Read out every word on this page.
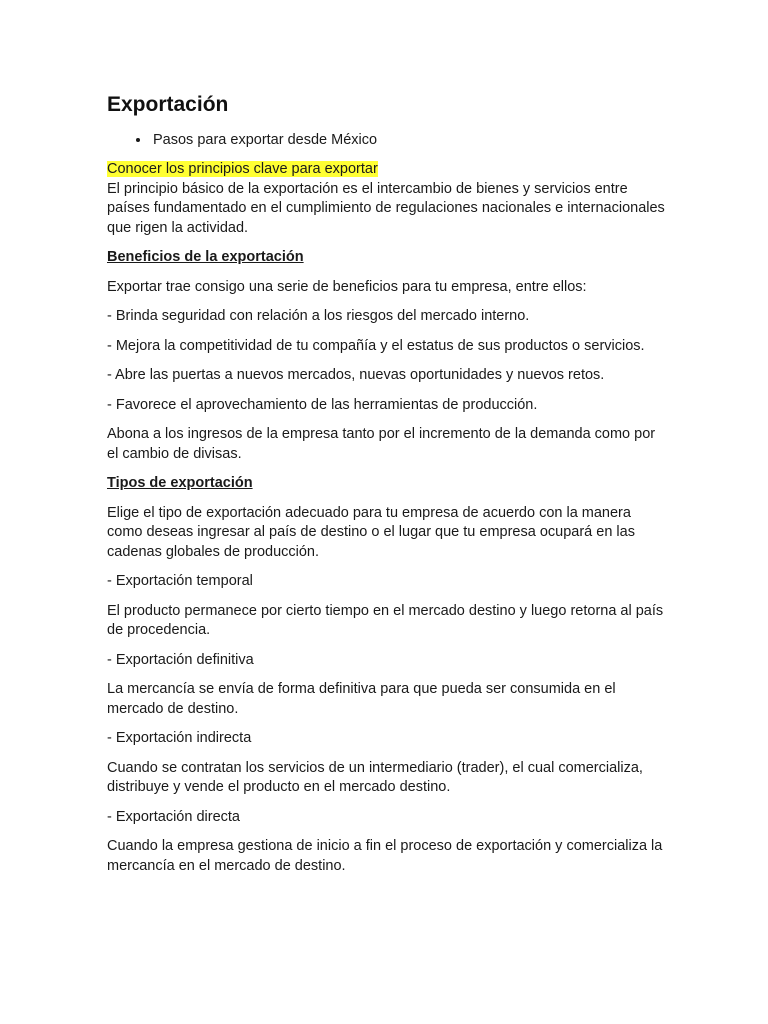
Exportación
• Pasos para exportar desde México
Conocer los principios clave para exportar
El principio básico de la exportación es el intercambio de bienes y servicios entre países fundamentado en el cumplimiento de regulaciones nacionales e internacionales que rigen la actividad.
Beneficios de la exportación

Exportar trae consigo una serie de beneficios para tu empresa, entre ellos:

- Brinda seguridad con relación a los riesgos del mercado interno.

- Mejora la competitividad de tu compañía y el estatus de sus productos o servicios.

- Abre las puertas a nuevos mercados, nuevas oportunidades y nuevos retos.

- Favorece el aprovechamiento de las herramientas de producción.

Abona a los ingresos de la empresa tanto por el incremento de la demanda como por el cambio de divisas.

Tipos de exportación

Elige el tipo de exportación adecuado para tu empresa de acuerdo con la manera como deseas ingresar al país de destino o el lugar que tu empresa ocupará en las cadenas globales de producción.

- Exportación temporal

El producto permanece por cierto tiempo en el mercado destino y luego retorna al país de procedencia.

- Exportación definitiva

La mercancía se envía de forma definitiva para que pueda ser consumida en el mercado de destino.

- Exportación indirecta

Cuando se contratan los servicios de un intermediario (trader), el cual comercializa, distribuye y vende el producto en el mercado destino.

- Exportación directa

Cuando la empresa gestiona de inicio a fin el proceso de exportación y comercializa la mercancía en el mercado de destino.
